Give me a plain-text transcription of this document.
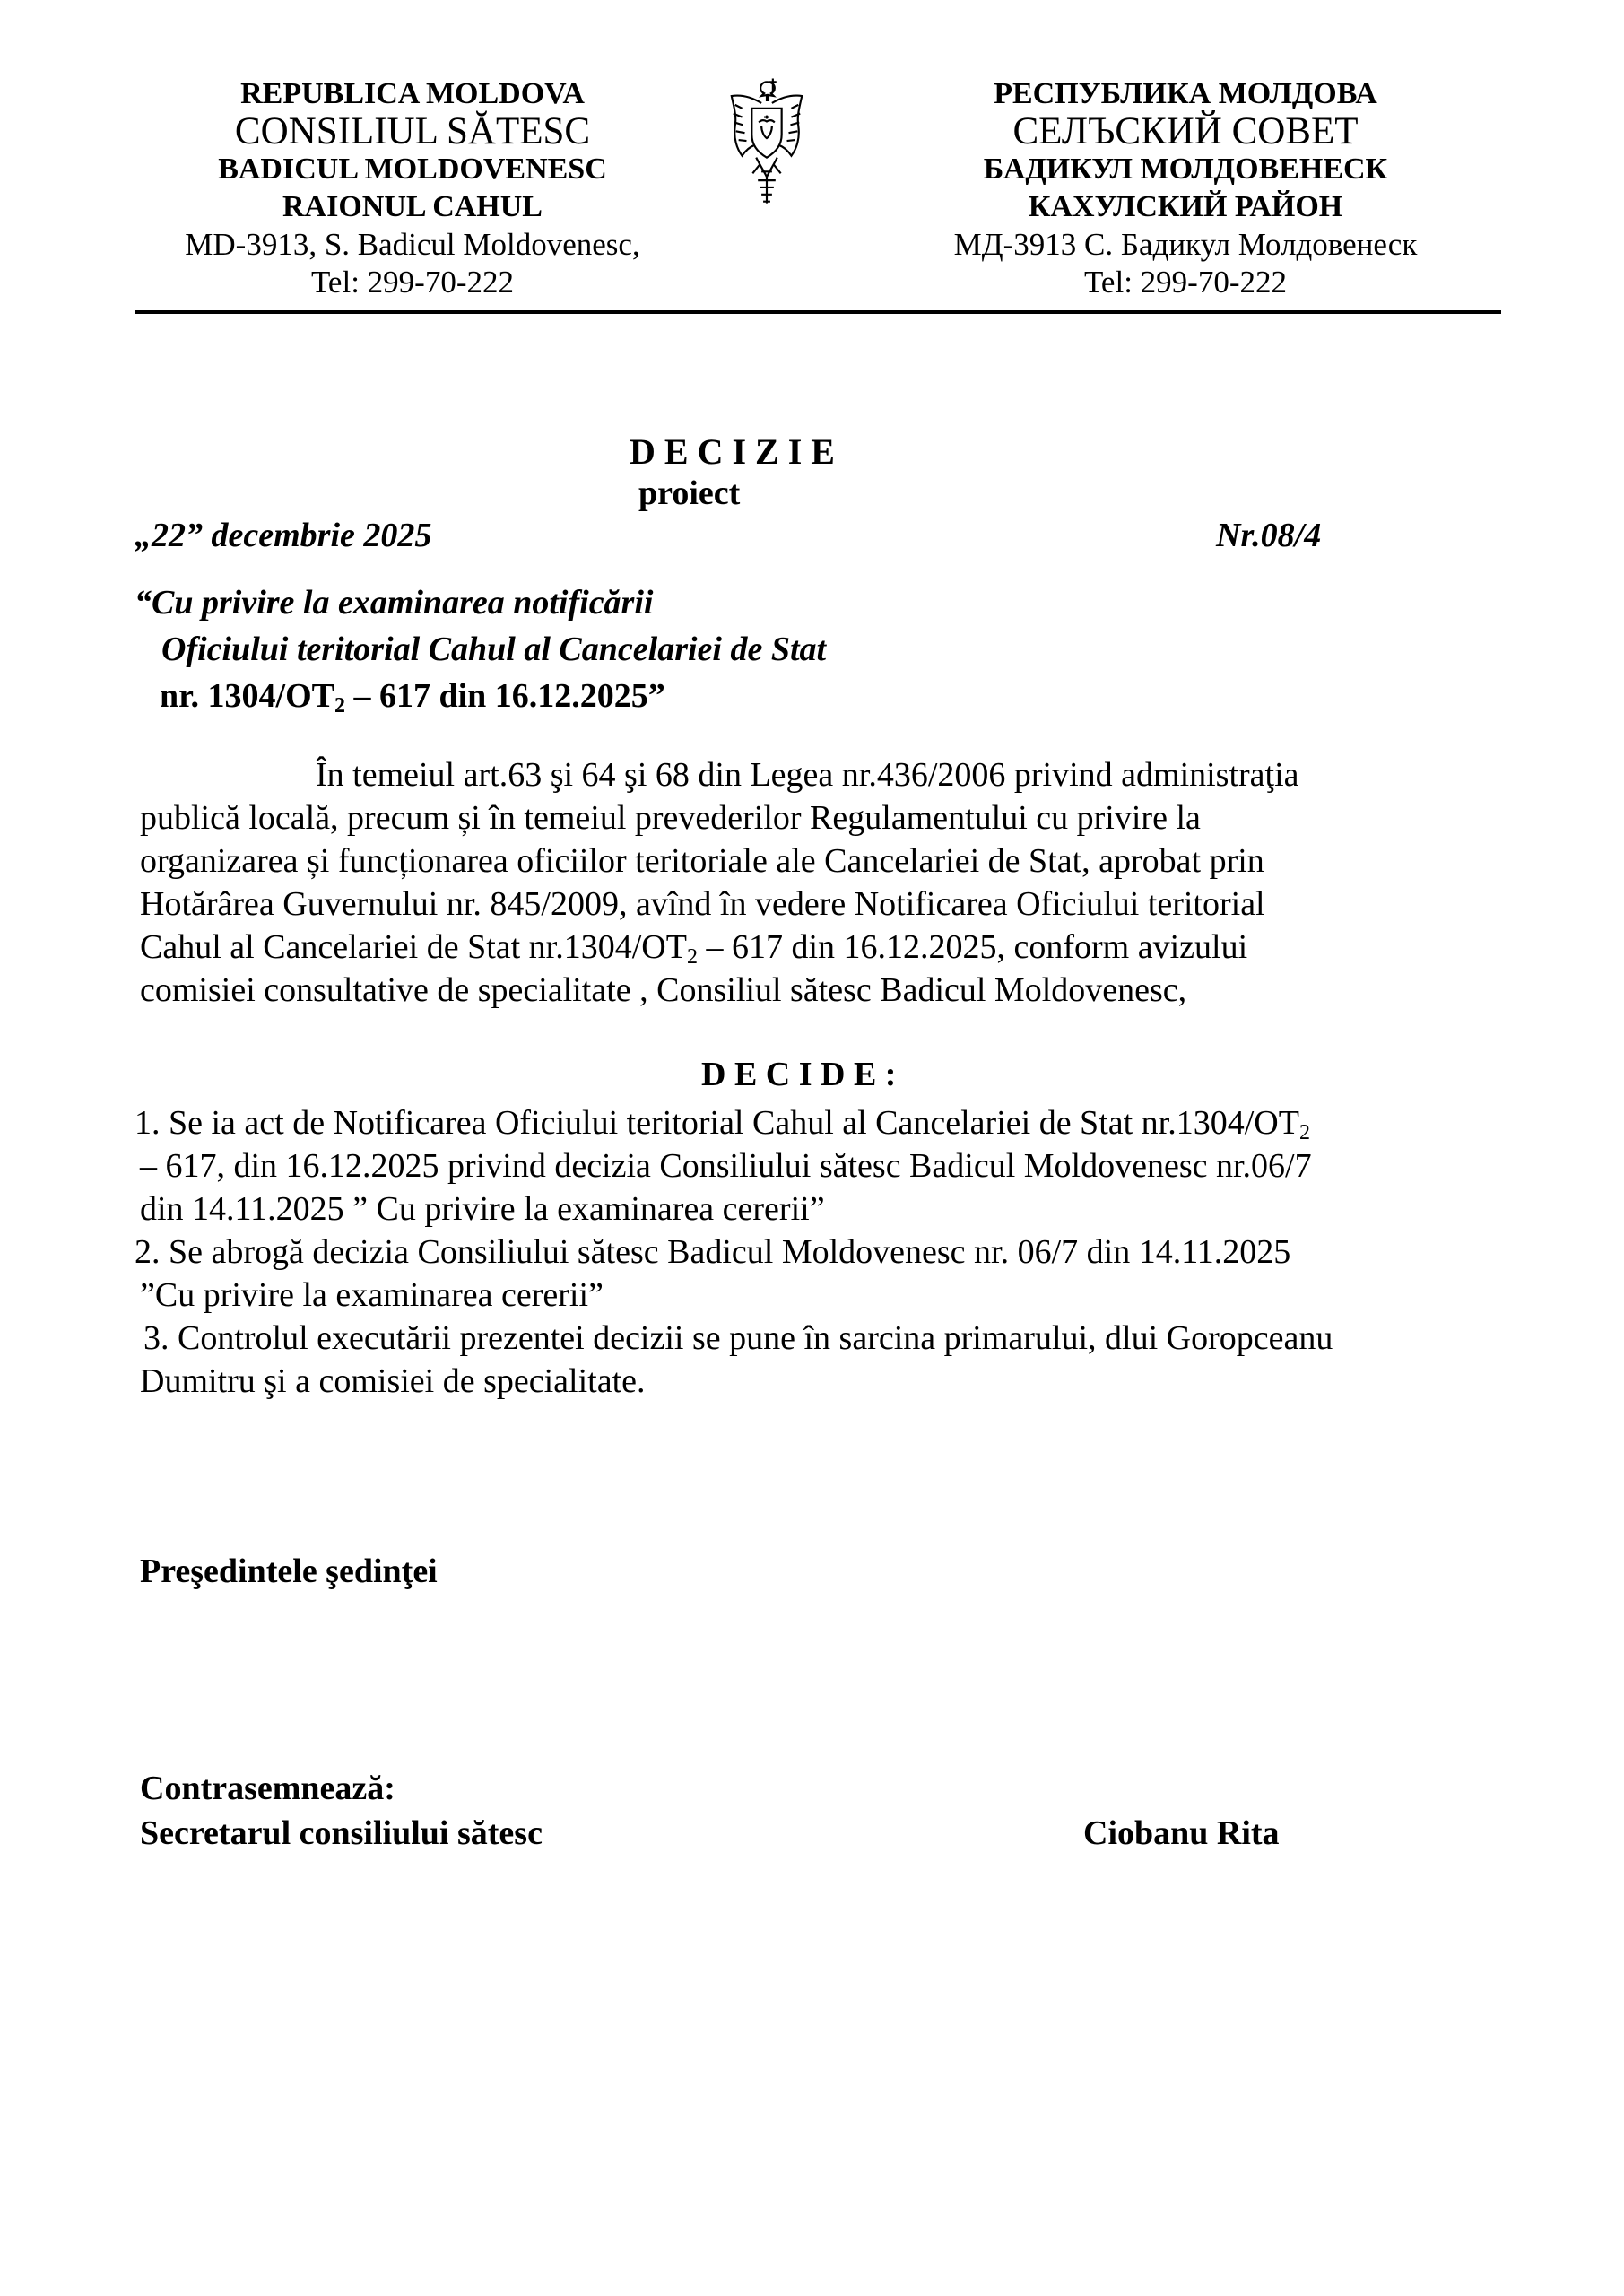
REPUBLICA MOLDOVA
CONSILIUL SĂTESC
BADICUL MOLDOVENESC
RAIONUL CAHUL
MD-3913, S. Badicul Moldovenesc,
Tel: 299-70-222
РЕСПУБЛИКА МОЛДОВА
СЕЛЪСКИЙ СОВЕТ
БАДИКУЛ МОЛДОВЕНЕСК
КАХУЛСКИЙ РАЙОН
МД-3913 С. Бадикул Молдовенеск
Tel: 299-70-222
D E C I Z I E
proiect
„22” decembrie 2025	Nr.08/4
“Cu privire la examinarea notificării
Oficiului teritorial Cahul al Cancelariei de Stat
nr. $1304/OT_2 - 617$ din 16.12.2025”
În temeiul art.63 şi 64 şi 68 din Legea nr.436/2006 privind administraţia
publică locală, precum și în temeiul prevederilor Regulamentului cu privire la
organizarea și funcționarea oficiilor teritoriale ale Cancelariei de Stat, aprobat prin
Hotărârea Guvernului nr. 845/2009, avînd în vedere Notificarea Oficiului teritorial
Cahul al Cancelariei de Stat $nr.1304/OT_2 - 617$ din 16.12.2025, conform avizului
comisiei consultative de specialitate , Consiliul sătesc Badicul Moldovenesc,
D E C I D E :
1. Se ia act de Notificarea Oficiului teritorial Cahul al Cancelariei de Stat $nr.1304/OT_2$
– 617, din 16.12.2025 privind decizia Consiliului sătesc Badicul Moldovenesc nr.06/7
din 14.11.2025 ” Cu privire la examinarea cererii”
2. Se abrogă decizia Consiliului sătesc Badicul Moldovenesc nr. 06/7 din 14.11.2025
”Cu privire la examinarea cererii”
3. Controlul executării prezentei decizii se pune în sarcina primarului, dlui Goropceanu
Dumitru şi a comisiei de specialitate.
Preşedintele şedinţei
Contrasemnează:
Secretarul consiliului sătesc	Ciobanu Rita
